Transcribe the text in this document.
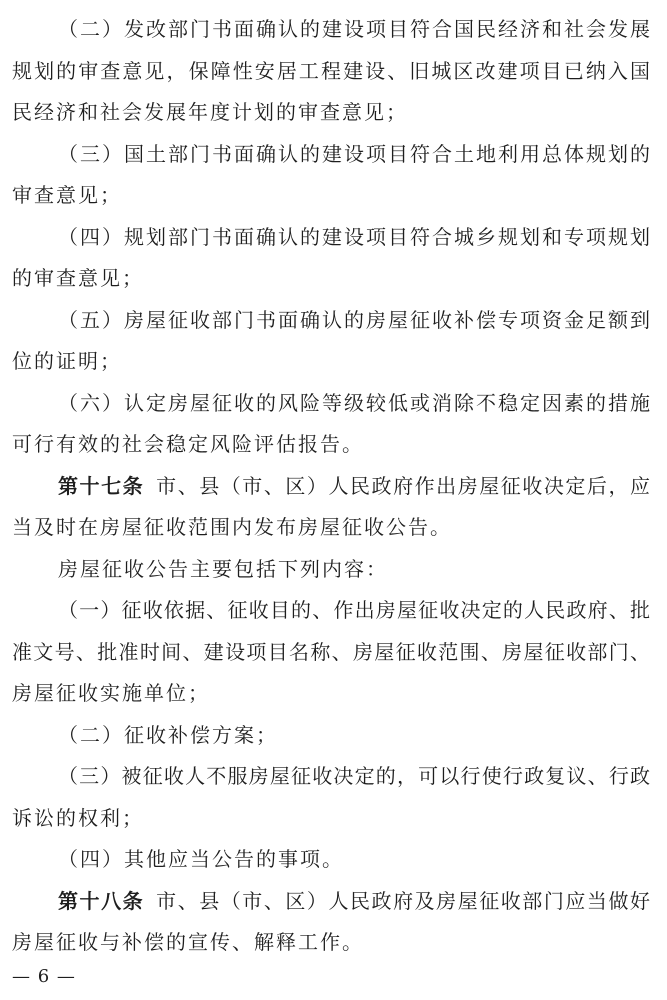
（二）发改部门书面确认的建设项目符合国民经济和社会发展
规划的审查意见，保障性安居工程建设、旧城区改建项目已纳入国
民经济和社会发展年度计划的审查意见；
（三）国土部门书面确认的建设项目符合土地利用总体规划的
审查意见；
（四）规划部门书面确认的建设项目符合城乡规划和专项规划
的审查意见；
（五）房屋征收部门书面确认的房屋征收补偿专项资金足额到
位的证明；
（六）认定房屋征收的风险等级较低或消除不稳定因素的措施
可行有效的社会稳定风险评估报告。
第十七条 市、县（市、区）人民政府作出房屋征收决定后，应
当及时在房屋征收范围内发布房屋征收公告。
房屋征收公告主要包括下列内容：
（一）征收依据、征收目的、作出房屋征收决定的人民政府、批
准文号、批准时间、建设项目名称、房屋征收范围、房屋征收部门、
房屋征收实施单位；
（二）征收补偿方案；
（三）被征收人不服房屋征收决定的，可以行使行政复议、行政
诉讼的权利；
（四）其他应当公告的事项。
第十八条 市、县（市、区）人民政府及房屋征收部门应当做好
房屋征收与补偿的宣传、解释工作。
— 6 —
